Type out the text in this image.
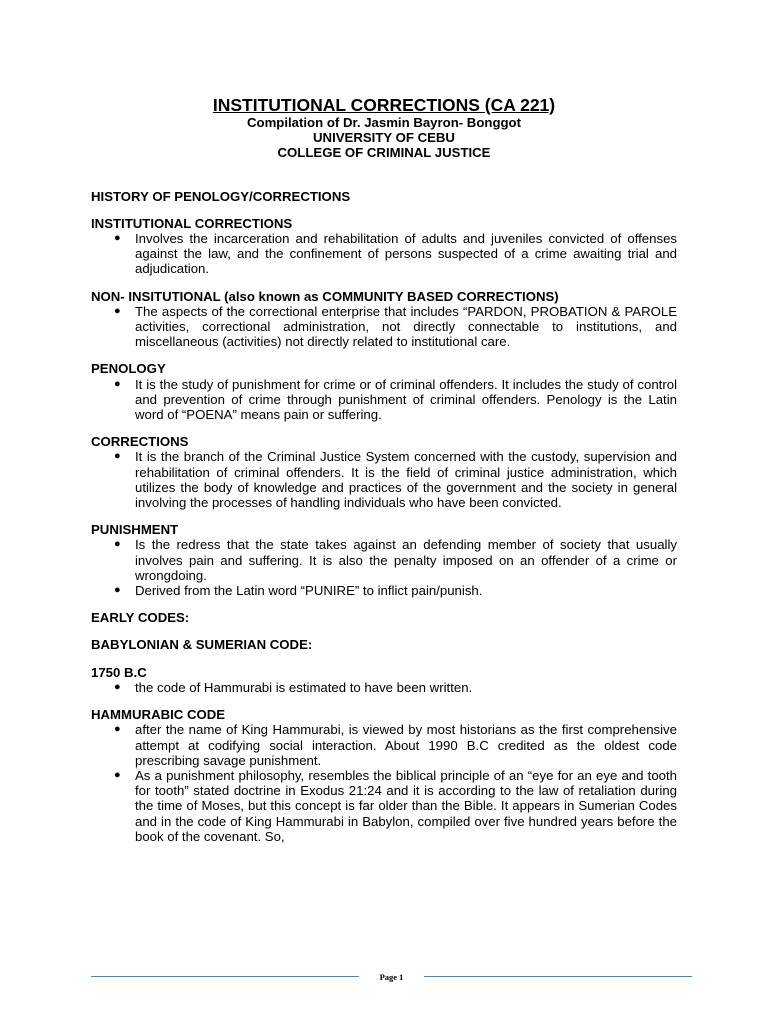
INSTITUTIONAL CORRECTIONS (CA 221)

Compilation of Dr. Jasmin Bayron- Bonggot

UNIVERSITY OF CEBU

COLLEGE OF CRIMINAL JUSTICE

HISTORY OF PENOLOGY/CORRECTIONS

INSTITUTIONAL CORRECTIONS

● Involves the incarceration and rehabilitation of adults and juveniles convicted of offenses against the law, and the confinement of persons suspected of a crime awaiting trial and adjudication.

NON- INSITUTIONAL (also known as COMMUNITY BASED CORRECTIONS)

● The aspects of the correctional enterprise that includes “PARDON, PROBATION & PAROLE activities, correctional administration, not directly connectable to institutions, and miscellaneous (activities) not directly related to institutional care.

PENOLOGY

● It is the study of punishment for crime or of criminal offenders. It includes the study of control and prevention of crime through punishment of criminal offenders. Penology is the Latin word of “POENA” means pain or suffering.

CORRECTIONS

● It is the branch of the Criminal Justice System concerned with the custody, supervision and rehabilitation of criminal offenders. It is the field of criminal justice administration, which utilizes the body of knowledge and practices of the government and the society in general involving the processes of handling individuals who have been convicted.

PUNISHMENT

● Is the redress that the state takes against an defending member of society that usually involves pain and suffering. It is also the penalty imposed on an offender of a crime or wrongdoing.
● Derived from the Latin word “PUNIRE” to inflict pain/punish.

EARLY CODES:

BABYLONIAN & SUMERIAN CODE:

1750 B.C

● the code of Hammurabi is estimated to have been written.

HAMMURABIC CODE

● after the name of King Hammurabi, is viewed by most historians as the first comprehensive attempt at codifying social interaction. About 1990 B.C credited as the oldest code prescribing savage punishment.
● As a punishment philosophy, resembles the biblical principle of an “eye for an eye and tooth for tooth” stated doctrine in Exodus 21:24 and it is according to the law of retaliation during the time of Moses, but this concept is far older than the Bible. It appears in Sumerian Codes and in the code of King Hammurabi in Babylon, compiled over five hundred years before the book of the covenant. So,
Page 1
